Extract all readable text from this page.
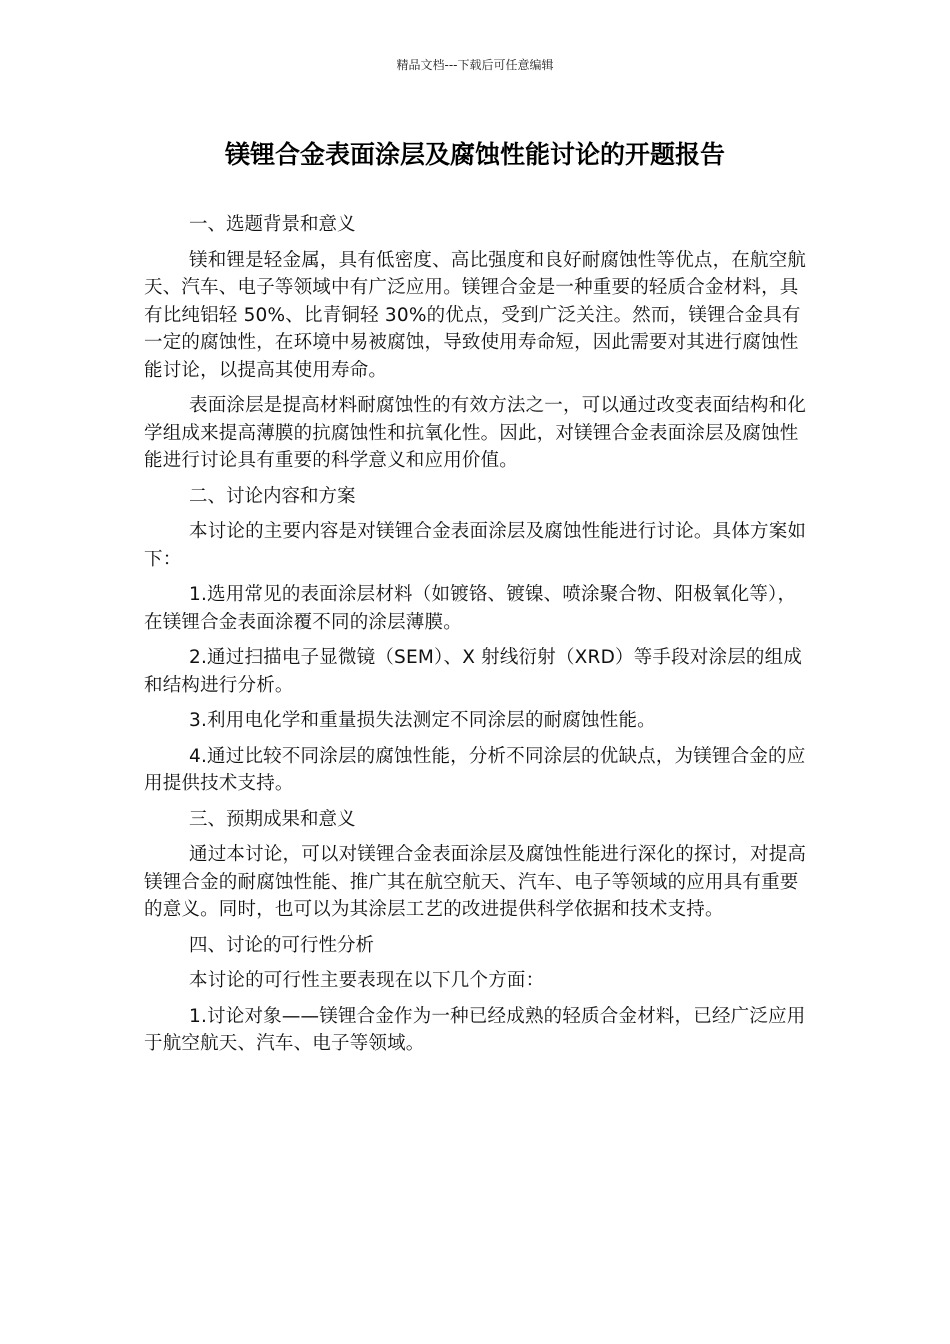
精品文档---下载后可任意编辑
镁锂合金表面涂层及腐蚀性能讨论的开题报告

一、选题背景和意义

镁和锂是轻金属，具有低密度、高比强度和良好耐腐蚀性等优点，在航空航天、汽车、电子等领域中有广泛应用。镁锂合金是一种重要的轻质合金材料，具有比纯铝轻 50%、比青铜轻 30%的优点，受到广泛关注。然而，镁锂合金具有一定的腐蚀性，在环境中易被腐蚀，导致使用寿命短，因此需要对其进行腐蚀性能讨论，以提高其使用寿命。

表面涂层是提高材料耐腐蚀性的有效方法之一，可以通过改变表面结构和化学组成来提高薄膜的抗腐蚀性和抗氧化性。因此，对镁锂合金表面涂层及腐蚀性能进行讨论具有重要的科学意义和应用价值。

二、讨论内容和方案

本讨论的主要内容是对镁锂合金表面涂层及腐蚀性能进行讨论。具体方案如下：

1.选用常见的表面涂层材料（如镀铬、镀镍、喷涂聚合物、阳极氧化等），在镁锂合金表面涂覆不同的涂层薄膜。

2.通过扫描电子显微镜（SEM）、X 射线衍射（XRD）等手段对涂层的组成和结构进行分析。

3.利用电化学和重量损失法测定不同涂层的耐腐蚀性能。

4.通过比较不同涂层的腐蚀性能，分析不同涂层的优缺点，为镁锂合金的应用提供技术支持。

三、预期成果和意义

通过本讨论，可以对镁锂合金表面涂层及腐蚀性能进行深化的探讨，对提高镁锂合金的耐腐蚀性能、推广其在航空航天、汽车、电子等领域的应用具有重要的意义。同时，也可以为其涂层工艺的改进提供科学依据和技术支持。

四、讨论的可行性分析

本讨论的可行性主要表现在以下几个方面：

1.讨论对象——镁锂合金作为一种已经成熟的轻质合金材料，已经广泛应用于航空航天、汽车、电子等领域。
